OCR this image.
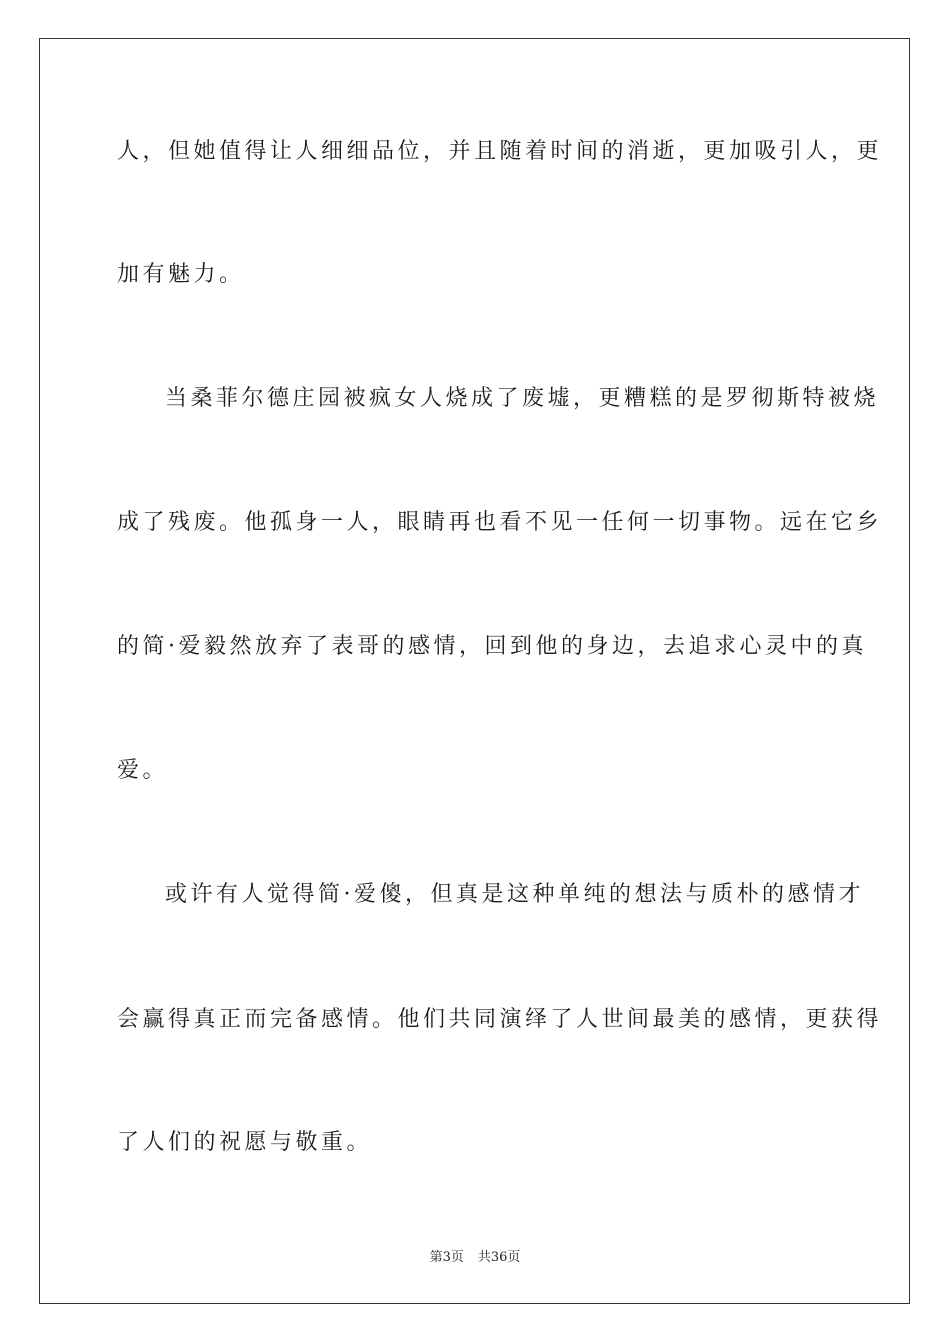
人，但她值得让人细细品位，并且随着时间的消逝，更加吸引人，更
加有魅力。
当桑菲尔德庄园被疯女人烧成了废墟，更糟糕的是罗彻斯特被烧
成了残废。他孤身一人，眼睛再也看不见一任何一切事物。远在它乡
的简·爱毅然放弃了表哥的感情，回到他的身边，去追求心灵中的真
爱。
或许有人觉得简·爱傻，但真是这种单纯的想法与质朴的感情才
会赢得真正而完备感情。他们共同演绎了人世间最美的感情，更获得
了人们的祝愿与敬重。
第3页 共36页
